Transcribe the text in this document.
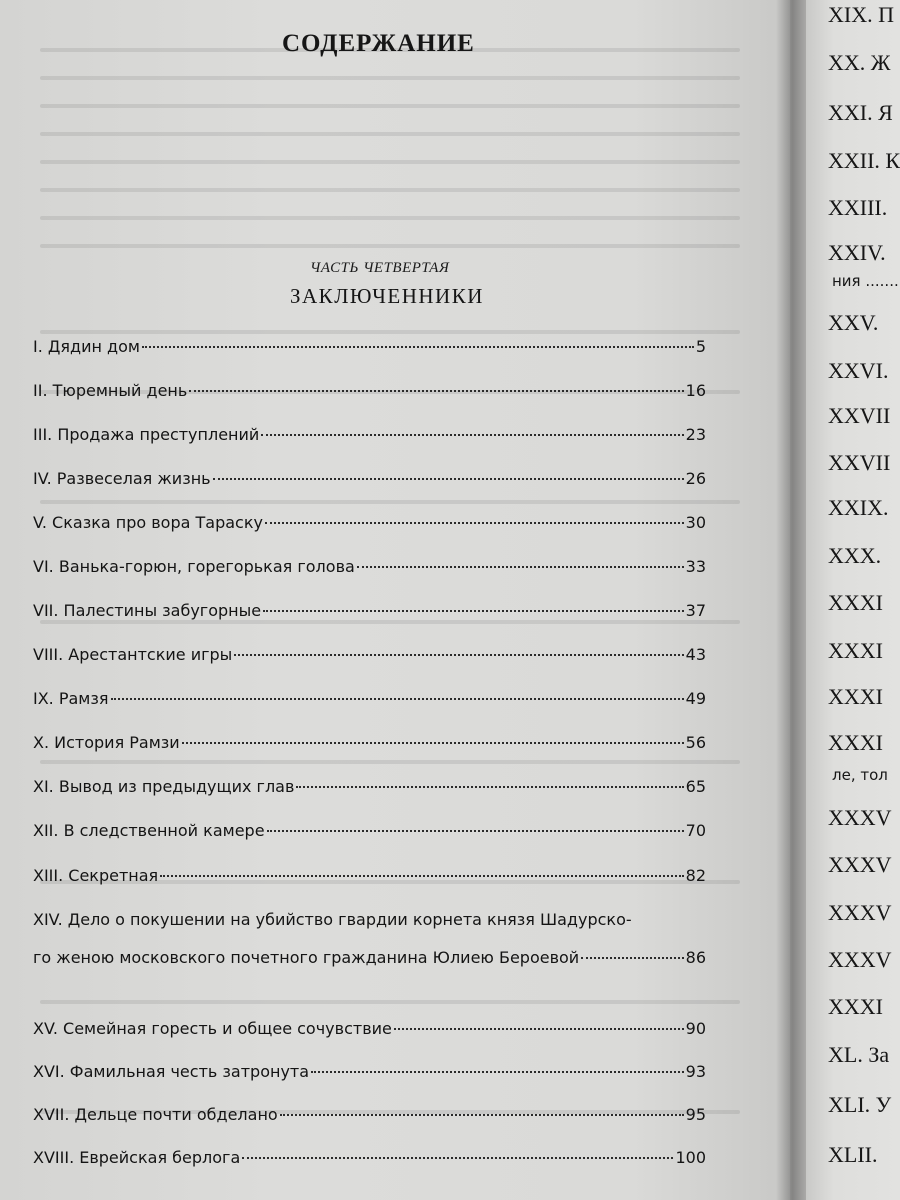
СОДЕРЖАНИЕ
ЧАСТЬ ЧЕТВЕРТАЯ
ЗАКЛЮЧЕННИКИ
I. Дядин дом	5
II. Тюремный день	16
III. Продажа преступлений	23
IV. Развеселая жизнь	26
V. Сказка про вора Тараску	30
VI. Ванька-горюн, горегорькая голова	33
VII. Палестины забугорные	37
VIII. Арестантские игры	43
IX. Рамзя	49
X. История Рамзи	56
XI. Вывод из предыдущих глав	65
XII. В следственной камере	70
XIII. Секретная	82
XIV. Дело о покушении на убийство гвардии корнета князя Шадурско-
го женою московского почетного гражданина Юлиею Бероевой	86
XV. Семейная горесть и общее сочувствие	90
XVI. Фамильная честь затронута	93
XVII. Дельце почти обделано	95
XVIII. Еврейская берлога	100
XIX. П
XX. Ж
XXI. Я
XXII. К
XXIII.
XXIV.
ния .......
XXV.
XXVI.
XXVII
XXVII
XXIX.
XXX.
XXXI
XXXI
XXXI
XXXI
ле, тол
XXXV
XXXV
XXXV
XXXV
XXXI
XL. За
XLI. У
XLII.
